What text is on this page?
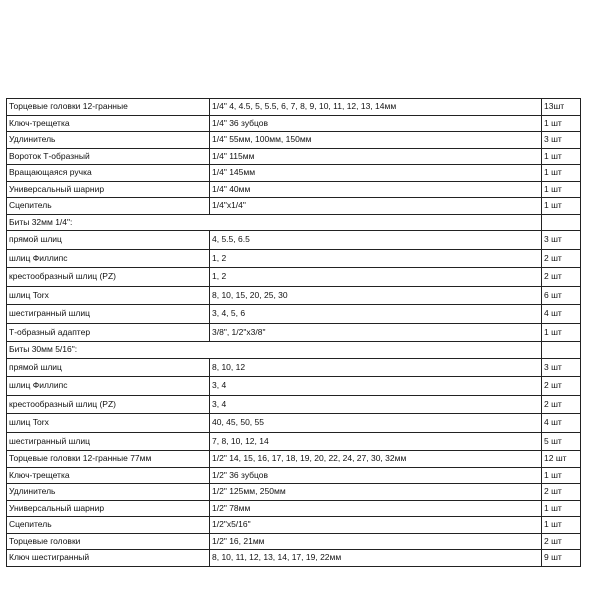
Торцевые головки 12-гранные	1/4" 4, 4.5, 5, 5.5, 6, 7, 8, 9, 10, 11, 12, 13, 14мм	13шт
Ключ-трещетка	1/4" 36 зубцов	1 шт
Удлинитель	1/4" 55мм, 100мм, 150мм	3 шт
Вороток Т-образный	1/4" 115мм	1 шт
Вращающаяся ручка	1/4" 145мм	1 шт
Универсальный шарнир	1/4" 40мм	1 шт
Сцепитель	1/4"х1/4"	1 шт
Биты 32мм 1/4":		
прямой шлиц	4, 5.5, 6.5	3 шт
шлиц Филлипс	1, 2	2 шт
крестообразный шлиц (PZ)	1, 2	2 шт
шлиц Torx	8, 10, 15, 20, 25, 30	6 шт
шестигранный шлиц	3, 4, 5, 6	4 шт
Т-образный адаптер	3/8", 1/2"х3/8"	1 шт
Биты 30мм 5/16":		
прямой шлиц	8, 10, 12	3 шт
шлиц Филлипс	3, 4	2 шт
крестообразный шлиц (PZ)	3, 4	2 шт
шлиц Torx	40, 45, 50, 55	4 шт
шестигранный шлиц	7, 8, 10, 12, 14	5 шт
Торцевые головки 12-гранные 77мм	1/2" 14, 15, 16, 17, 18, 19, 20, 22, 24, 27, 30, 32мм	12 шт
Ключ-трещетка	1/2" 36 зубцов	1 шт
Удлинитель	1/2" 125мм, 250мм	2 шт
Универсальный шарнир	1/2" 78мм	1 шт
Сцепитель	1/2"х5/16"	1 шт
Торцевые головки	1/2" 16, 21мм	2 шт
Ключ шестигранный	8, 10, 11, 12, 13, 14, 17, 19, 22мм	9 шт
